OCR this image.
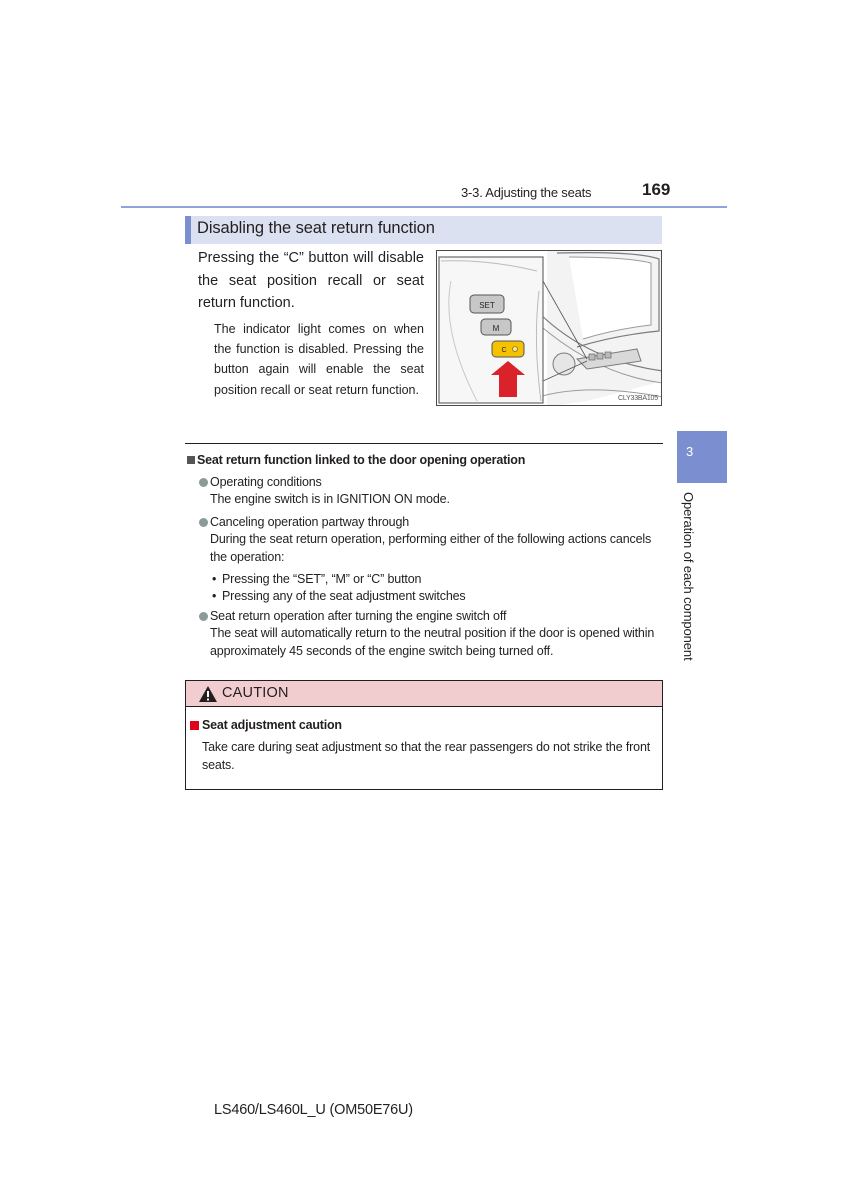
3-3. Adjusting the seats	169
3
Operation of each component
Disabling the seat return function
Pressing the “C” button will disable the seat position recall or seat return function.
The indicator light comes on when the function is disabled. Pressing the button again will enable the seat position recall or seat return function.
SET
M
C
CLY33BA105
Seat return function linked to the door opening operation
Operating conditions
The engine switch is in IGNITION ON mode.
Canceling operation partway through
During the seat return operation, performing either of the following actions cancels the operation:
• Pressing the “SET”, “M” or “C” button
• Pressing any of the seat adjustment switches
Seat return operation after turning the engine switch off
The seat will automatically return to the neutral position if the door is opened within approximately 45 seconds of the engine switch being turned off.
CAUTION
Seat adjustment caution
Take care during seat adjustment so that the rear passengers do not strike the front seats.
LS460/LS460L_U (OM50E76U)
